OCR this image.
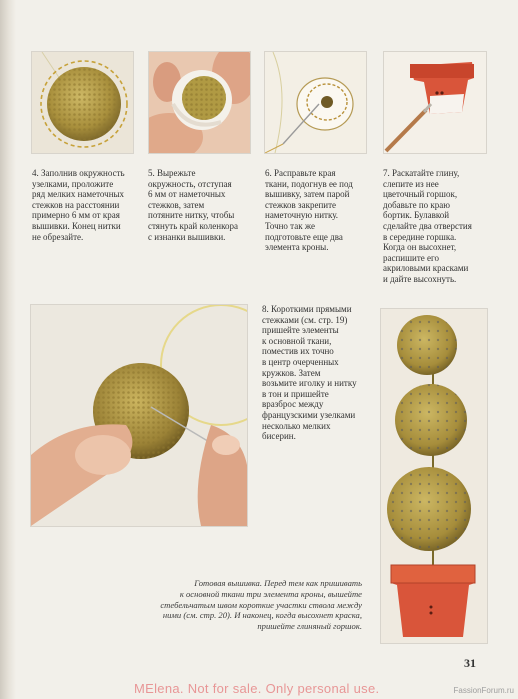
4. Заполнив окружность
узелками, проложите
ряд мелких наметочных
стежков на расстоянии
примерно 6 мм от края
вышивки. Конец нитки
не обрезайте.

5. Вырежьте
окружность, отступая
6 мм от наметочных
стежков, затем
потяните нитку, чтобы
стянуть край коленкора
с изнанки вышивки.

6. Расправьте края
ткани, подогнув ее под
вышивку, затем парой
стежков закрепите
наметочную нитку.
Точно так же
подготовьте еще два
элемента кроны.

7. Раскатайте глину,
слепите из нее
цветочный горшок,
добавьте по краю
бортик. Булавкой
сделайте два отверстия
в середине горшка.
Когда он высохнет,
распишите его
акриловыми красками
и дайте высохнуть.

8. Короткими прямыми
стежками (см. стр. 19)
пришейте элементы
к основной ткани,
поместив их точно
в центр очерченных
кружков. Затем
возьмите иголку и нитку
в тон и пришейте
вразброс между
французскими узелками
несколько мелких
бисерин.

Готовая вышивка. Перед тем как пришивать
к основной ткани три элемента кроны, вышейте
стебельчатым швом короткие участки ствола между
ними (см. стр. 20). И наконец, когда высохнет краска,
пришейте глиняный горшок.
31
MElena. Not for sale. Only personal use.	FassionForum.ru
